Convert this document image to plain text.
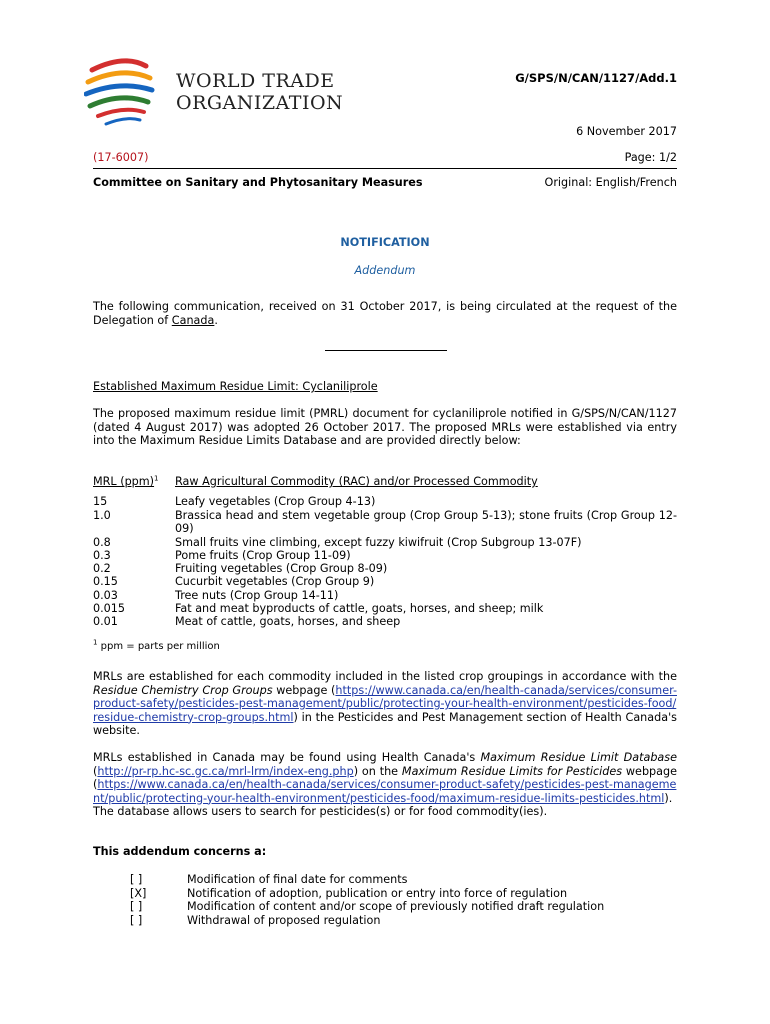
WORLD TRADE
ORGANIZATION
G/SPS/N/CAN/1127/Add.1
6 November 2017
(17-6007)	Page: 1/2
Committee on Sanitary and Phytosanitary Measures	Original: English/French
NOTIFICATION
Addendum
The following communication, received on 31 October 2017, is being circulated at the request of the Delegation of Canada.
Established Maximum Residue Limit: Cyclaniliprole
The proposed maximum residue limit (PMRL) document for cyclaniliprole notified in G/SPS/N/CAN/1127 (dated 4 August 2017) was adopted 26 October 2017. The proposed MRLs were established via entry into the Maximum Residue Limits Database and are provided directly below:
MRL (ppm)$^1$	Raw Agricultural Commodity (RAC) and/or Processed Commodity
15	Leafy vegetables (Crop Group 4-13)
1.0	Brassica head and stem vegetable group (Crop Group 5-13); stone fruits (Crop Group 12-09)
0.8	Small fruits vine climbing, except fuzzy kiwifruit (Crop Subgroup 13-07F)
0.3	Pome fruits (Crop Group 11-09)
0.2	Fruiting vegetables (Crop Group 8-09)
0.15	Cucurbit vegetables (Crop Group 9)
0.03	Tree nuts (Crop Group 14-11)
0.015	Fat and meat byproducts of cattle, goats, horses, and sheep; milk
0.01	Meat of cattle, goats, horses, and sheep
$^1$ ppm = parts per million
MRLs are established for each commodity included in the listed crop groupings in accordance with the Residue Chemistry Crop Groups webpage (https://www.canada.ca/en/health-canada/services/consumer-product-safety/pesticides-pest-management/public/protecting-your-health-environment/pesticides-food/residue-chemistry-crop-groups.html) in the Pesticides and Pest Management section of Health Canada's website.
MRLs established in Canada may be found using Health Canada's Maximum Residue Limit Database (http://pr-rp.hc-sc.gc.ca/mrl-lrm/index-eng.php) on the Maximum Residue Limits for Pesticides webpage (https://www.canada.ca/en/health-canada/services/consumer-product-safety/pesticides-pest-management/public/protecting-your-health-environment/pesticides-food/maximum-residue-limits-pesticides.html). The database allows users to search for pesticides(s) or for food commodity(ies).
This addendum concerns a:
[ ]	Modification of final date for comments
[X]	Notification of adoption, publication or entry into force of regulation
[ ]	Modification of content and/or scope of previously notified draft regulation
[ ]	Withdrawal of proposed regulation
